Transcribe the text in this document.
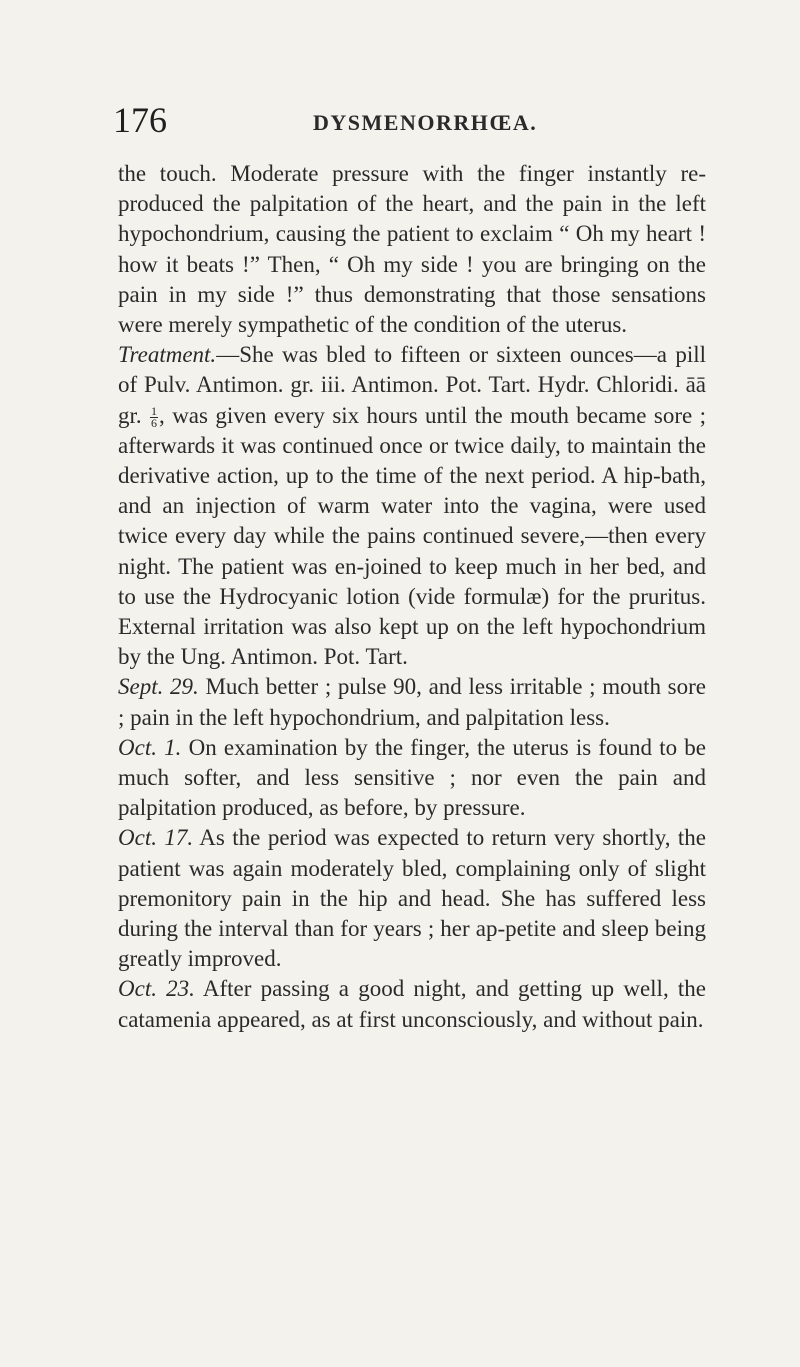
176	DYSMENORRHŒA.

the touch. Moderate pressure with the finger instantly re-produced the palpitation of the heart, and the pain in the left hypochondrium, causing the patient to exclaim “ Oh my heart ! how it beats !” Then, “ Oh my side ! you are bringing on the pain in my side !” thus demonstrating that those sensations were merely sympathetic of the condition of the uterus.

Treatment.—She was bled to fifteen or sixteen ounces—a pill of Pulv. Antimon. gr. iii. Antimon. Pot. Tart. Hydr. Chloridi. āā gr. $\frac{1}{6}$ , was given every six hours until the mouth became sore ; afterwards it was continued once or twice daily, to maintain the derivative action, up to the time of the next period. A hip-bath, and an injection of warm water into the vagina, were used twice every day while the pains continued severe,—then every night. The patient was en-joined to keep much in her bed, and to use the Hydrocyanic lotion (vide formulæ) for the pruritus. External irritation was also kept up on the left hypochondrium by the Ung. Antimon. Pot. Tart.

Sept. 29. Much better ; pulse 90, and less irritable ; mouth sore ; pain in the left hypochondrium, and palpitation less.

Oct. 1. On examination by the finger, the uterus is found to be much softer, and less sensitive ; nor even the pain and palpitation produced, as before, by pressure.

Oct. 17. As the period was expected to return very shortly, the patient was again moderately bled, complaining only of slight premonitory pain in the hip and head. She has suffered less during the interval than for years ; her ap-petite and sleep being greatly improved.

Oct. 23. After passing a good night, and getting up well, the catamenia appeared, as at first unconsciously, and without pain.
